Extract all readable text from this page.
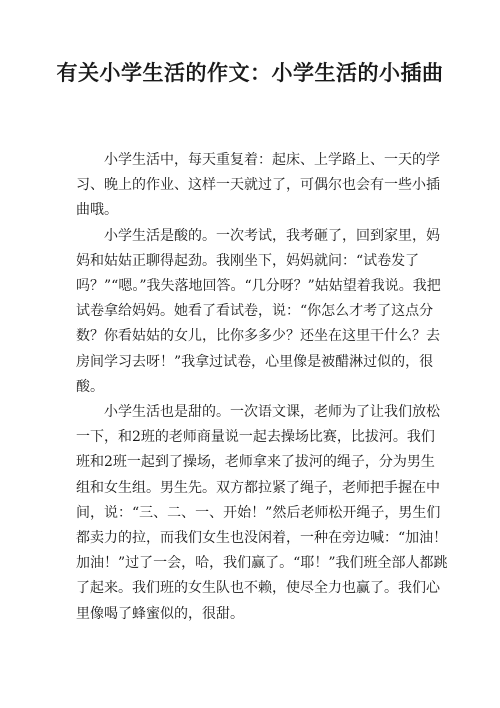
有关小学生活的作文：小学生活的小插曲

小学生活中，每天重复着：起床、上学路上、一天的学习、晚上的作业、这样一天就过了，可偶尔也会有一些小插曲哦。

小学生活是酸的。一次考试，我考砸了，回到家里，妈妈和姑姑正聊得起劲。我刚坐下，妈妈就问：“试卷发了吗？”“嗯。”我失落地回答。“几分呀？”姑姑望着我说。我把试卷拿给妈妈。她看了看试卷，说：“你怎么才考了这点分数？你看姑姑的女儿，比你多多少？还坐在这里干什么？去房间学习去呀！”我拿过试卷，心里像是被醋淋过似的，很酸。

小学生活也是甜的。一次语文课，老师为了让我们放松一下，和2班的老师商量说一起去操场比赛，比拔河。我们班和2班一起到了操场，老师拿来了拔河的绳子，分为男生组和女生组。男生先。双方都拉紧了绳子，老师把手握在中间，说：“三、二、一、开始！”然后老师松开绳子，男生们都卖力的拉，而我们女生也没闲着，一种在旁边喊：“加油！加油！”过了一会，哈，我们赢了。“耶！”我们班全部人都跳了起来。我们班的女生队也不赖，使尽全力也赢了。我们心里像喝了蜂蜜似的，很甜。
